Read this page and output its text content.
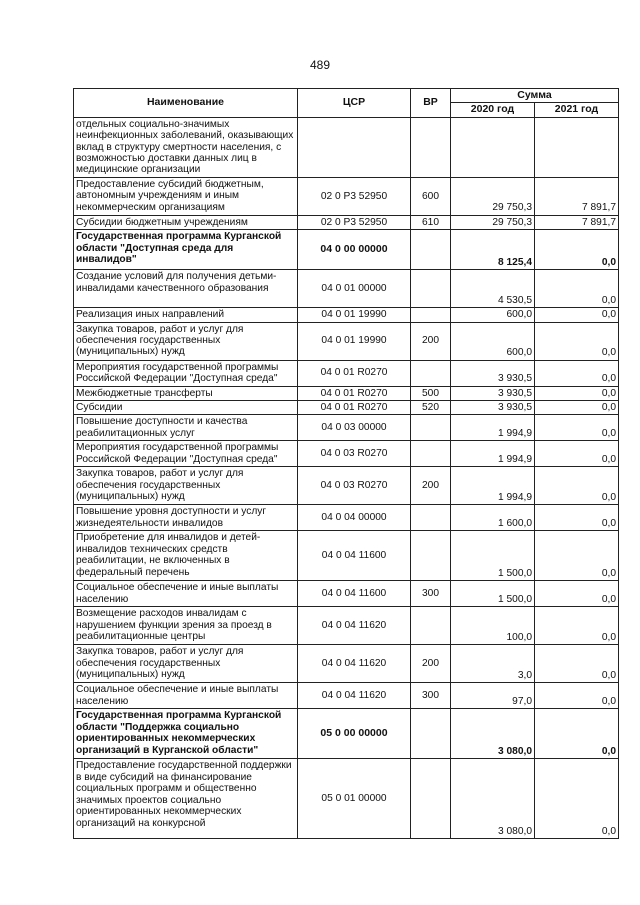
489
Наименование	ЦСР	ВР	Сумма	
			2020 год	2021 год
отдельных социально-значимых неинфекционных заболеваний, оказывающих вклад в структуру смертности населения, с возможностью доставки данных лиц в медицинские организации				
Предоставление субсидий бюджетным, автономным учреждениям и иным некоммерческим организациям	02 0 P3 52950	600	29 750,3	7 891,7
Субсидии бюджетным учреждениям	02 0 P3 52950	610	29 750,3	7 891,7
Государственная программа Курганской области "Доступная среда для инвалидов"	04 0 00 00000		8 125,4	0,0
Создание условий для получения детьми-инвалидами качественного образования	04 0 01 00000		4 530,5	0,0
Реализация иных направлений	04 0 01 19990		600,0	0,0
Закупка товаров, работ и услуг для обеспечения государственных (муниципальных) нужд	04 0 01 19990	200	600,0	0,0
Мероприятия государственной программы Российской Федерации "Доступная среда"	04 0 01 R0270		3 930,5	0,0
Межбюджетные трансферты	04 0 01 R0270	500	3 930,5	0,0
Субсидии	04 0 01 R0270	520	3 930,5	0,0
Повышение доступности и качества реабилитационных услуг	04 0 03 00000		1 994,9	0,0
Мероприятия государственной программы Российской Федерации "Доступная среда"	04 0 03 R0270		1 994,9	0,0
Закупка товаров, работ и услуг для обеспечения государственных (муниципальных) нужд	04 0 03 R0270	200	1 994,9	0,0
Повышение уровня доступности и услуг жизнедеятельности инвалидов	04 0 04 00000		1 600,0	0,0
Приобретение для инвалидов и детей-инвалидов технических средств реабилитации, не включенных в федеральный перечень	04 0 04 11600		1 500,0	0,0
Социальное обеспечение и иные выплаты населению	04 0 04 11600	300	1 500,0	0,0
Возмещение расходов инвалидам с нарушением функции зрения за проезд в реабилитационные центры	04 0 04 11620		100,0	0,0
Закупка товаров, работ и услуг для обеспечения государственных (муниципальных) нужд	04 0 04 11620	200	3,0	0,0
Социальное обеспечение и иные выплаты населению	04 0 04 11620	300	97,0	0,0
Государственная программа Курганской области "Поддержка социально ориентированных некоммерческих организаций в Курганской области"	05 0 00 00000		3 080,0	0,0
Предоставление государственной поддержки в виде субсидий на финансирование социальных программ и общественно значимых проектов социально ориентированных некоммерческих организаций на конкурсной	05 0 01 00000		3 080,0	0,0
